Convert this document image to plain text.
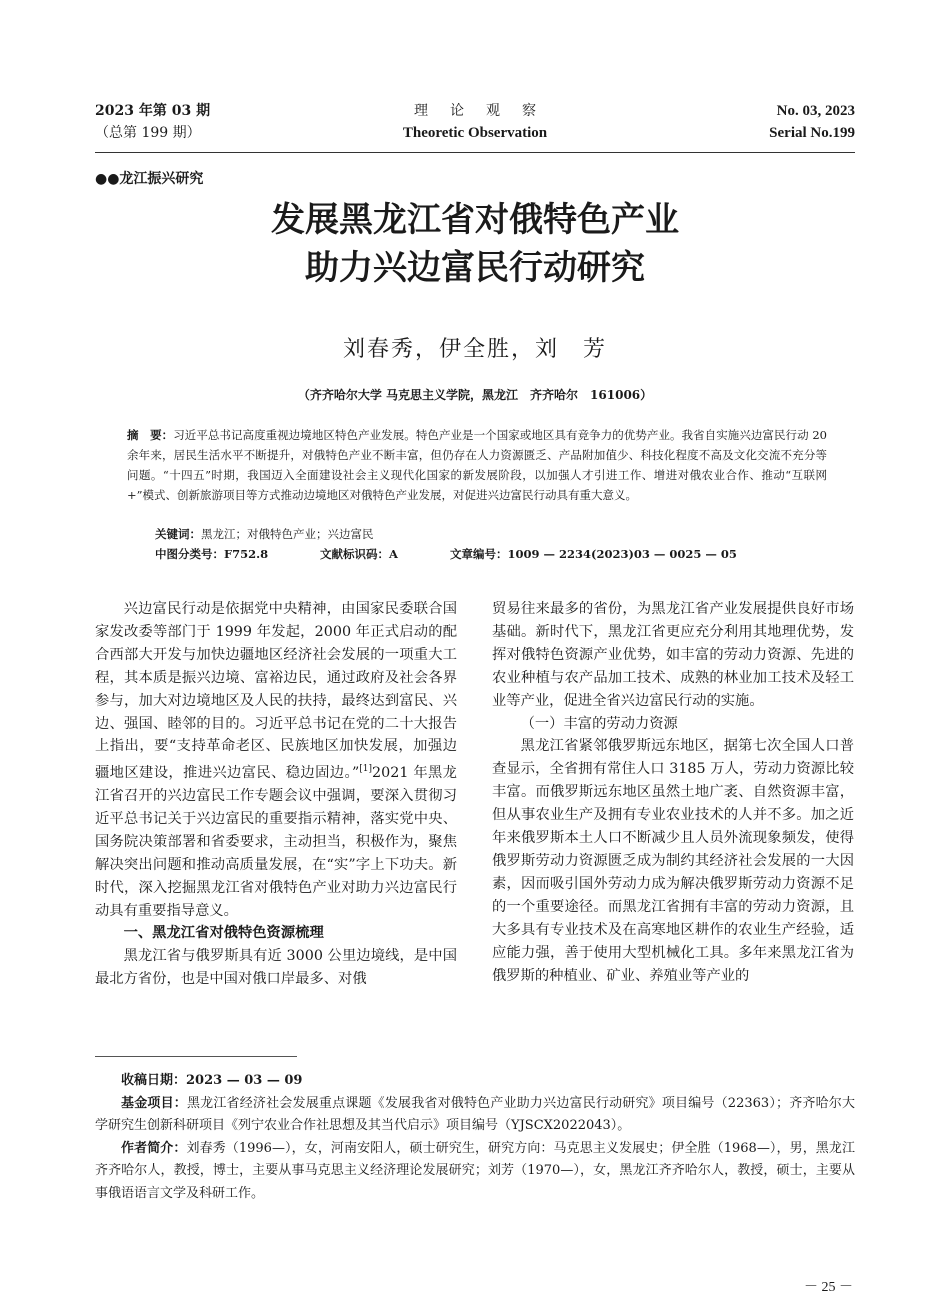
2023 年第 03 期
（总第 199 期）
理论观察
Theoretic Observation
No. 03, 2023
Serial No.199
●●龙江振兴研究
发展黑龙江省对俄特色产业
助力兴边富民行动研究
刘春秀，伊全胜，刘　芳
（齐齐哈尔大学 马克思主义学院，黑龙江　齐齐哈尔　161006）
摘　要：习近平总书记高度重视边境地区特色产业发展。特色产业是一个国家或地区具有竞争力的优势产业。我省自实施兴边富民行动 20 余年来，居民生活水平不断提升，对俄特色产业不断丰富，但仍存在人力资源匮乏、产品附加值少、科技化程度不高及文化交流不充分等问题。“十四五”时期，我国迈入全面建设社会主义现代化国家的新发展阶段，以加强人才引进工作、增进对俄农业合作、推动“互联网+”模式、创新旅游项目等方式推动边境地区对俄特色产业发展，对促进兴边富民行动具有重大意义。
关键词：黑龙江；对俄特色产业；兴边富民
中图分类号：F752.8	文献标识码：A	文章编号：1009 — 2234(2023)03 — 0025 — 05

兴边富民行动是依据党中央精神，由国家民委联合国家发改委等部门于 1999 年发起，2000 年正式启动的配合西部大开发与加快边疆地区经济社会发展的一项重大工程，其本质是振兴边境、富裕边民，通过政府及社会各界参与，加大对边境地区及人民的扶持，最终达到富民、兴边、强国、睦邻的目的。习近平总书记在党的二十大报告上指出，要“支持革命老区、民族地区加快发展，加强边疆地区建设，推进兴边富民、稳边固边。”[1]2021 年黑龙江省召开的兴边富民工作专题会议中强调，要深入贯彻习近平总书记关于兴边富民的重要指示精神，落实党中央、国务院决策部署和省委要求，主动担当，积极作为，聚焦解决突出问题和推动高质量发展，在“实”字上下功夫。新时代，深入挖掘黑龙江省对俄特色产业对助力兴边富民行动具有重要指导意义。

一、黑龙江省对俄特色资源梳理

黑龙江省与俄罗斯具有近 3000 公里边境线，是中国最北方省份，也是中国对俄口岸最多、对俄

贸易往来最多的省份，为黑龙江省产业发展提供良好市场基础。新时代下，黑龙江省更应充分利用其地理优势，发挥对俄特色资源产业优势，如丰富的劳动力资源、先进的农业种植与农产品加工技术、成熟的林业加工技术及轻工业等产业，促进全省兴边富民行动的实施。

（一）丰富的劳动力资源

黑龙江省紧邻俄罗斯远东地区，据第七次全国人口普查显示，全省拥有常住人口 3185 万人，劳动力资源比较丰富。而俄罗斯远东地区虽然土地广袤、自然资源丰富，但从事农业生产及拥有专业农业技术的人并不多。加之近年来俄罗斯本土人口不断减少且人员外流现象频发，使得俄罗斯劳动力资源匮乏成为制约其经济社会发展的一大因素，因而吸引国外劳动力成为解决俄罗斯劳动力资源不足的一个重要途径。而黑龙江省拥有丰富的劳动力资源，且大多具有专业技术及在高寒地区耕作的农业生产经验，适应能力强，善于使用大型机械化工具。多年来黑龙江省为俄罗斯的种植业、矿业、养殖业等产业的

收稿日期：2023 — 03 — 09

基金项目：黑龙江省经济社会发展重点课题《发展我省对俄特色产业助力兴边富民行动研究》项目编号（22363）；齐齐哈尔大学研究生创新科研项目《列宁农业合作社思想及其当代启示》项目编号（YJSCX2022043）。

作者简介：刘春秀（1996—），女，河南安阳人，硕士研究生，研究方向：马克思主义发展史；伊全胜（1968—），男，黑龙江齐齐哈尔人，教授，博士，主要从事马克思主义经济理论发展研究；刘芳（1970—），女，黑龙江齐齐哈尔人，教授，硕士，主要从事俄语语言文学及科研工作。

－ 25 －
